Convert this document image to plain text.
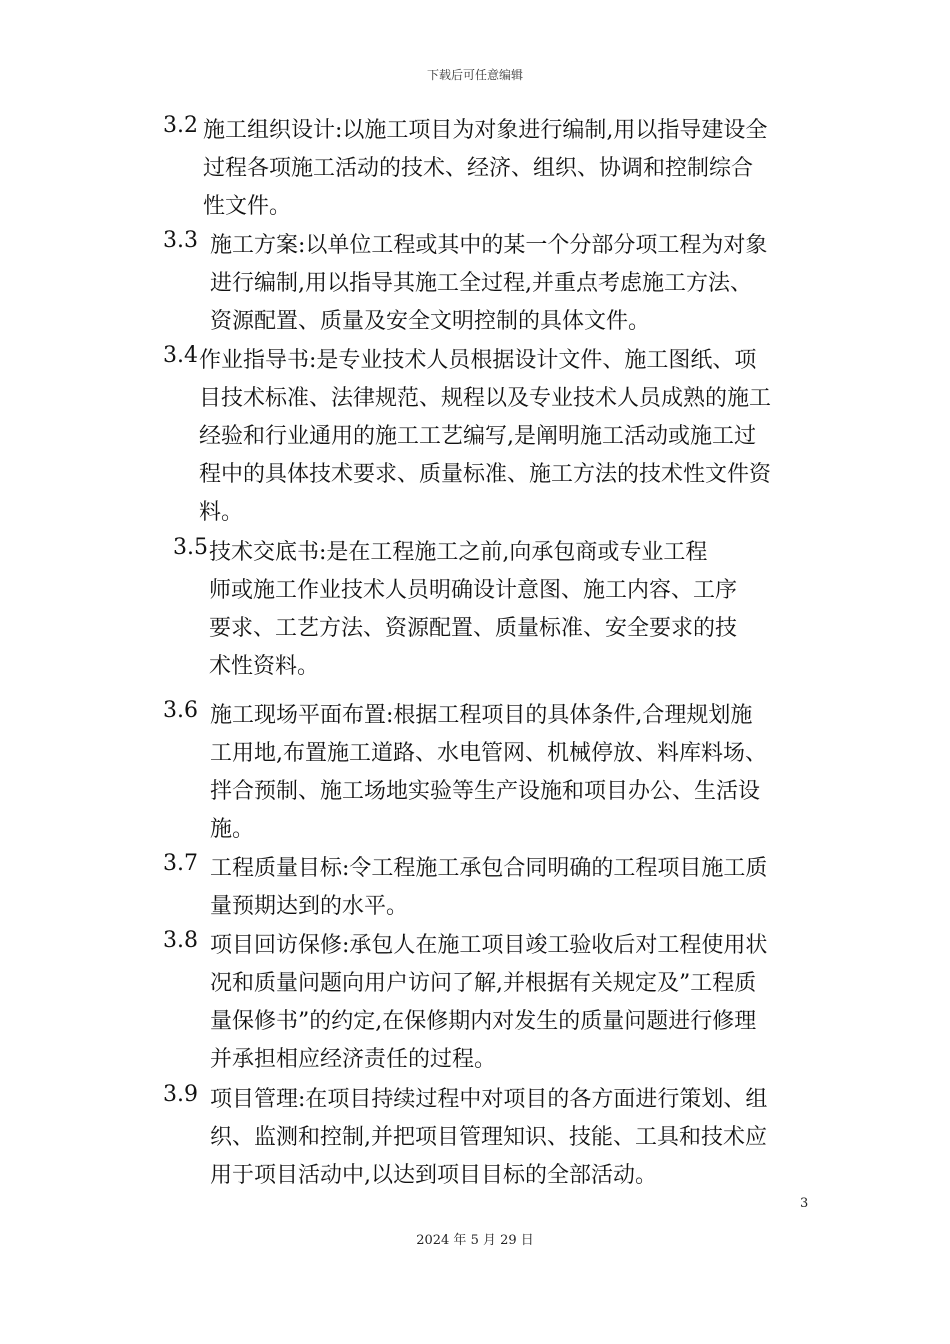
下载后可任意编辑
3.2 施工组织设计:以施工项目为对象进行编制,用以指导建设全
过程各项施工活动的技术、经济、组织、协调和控制综合
性文件。
3.3 施工方案:以单位工程或其中的某一个分部分项工程为对象
进行编制,用以指导其施工全过程,并重点考虑施工方法、
资源配置、质量及安全文明控制的具体文件。
3.4 作业指导书:是专业技术人员根据设计文件、施工图纸、项
目技术标准、法律规范、规程以及专业技术人员成熟的施工
经验和行业通用的施工工艺编写,是阐明施工活动或施工过
程中的具体技术要求、质量标准、施工方法的技术性文件资
料。
3.5 技术交底书:是在工程施工之前,向承包商或专业工程
师或施工作业技术人员明确设计意图、施工内容、工序
要求、工艺方法、资源配置、质量标准、安全要求的技
术性资料。
3.6 施工现场平面布置:根据工程项目的具体条件,合理规划施
工用地,布置施工道路、水电管网、机械停放、料库料场、
拌合预制、施工场地实验等生产设施和项目办公、生活设
施。
3.7 工程质量目标:令工程施工承包合同明确的工程项目施工质
量预期达到的水平。
3.8 项目回访保修:承包人在施工项目竣工验收后对工程使用状
况和质量问题向用户访问了解,并根据有关规定及”工程质
量保修书”的约定,在保修期内对发生的质量问题进行修理
并承担相应经济责任的过程。
3.9 项目管理:在项目持续过程中对项目的各方面进行策划、组
织、监测和控制,并把项目管理知识、技能、工具和技术应
用于项目活动中,以达到项目目标的全部活动。
3
2024 年 5 月 29 日
